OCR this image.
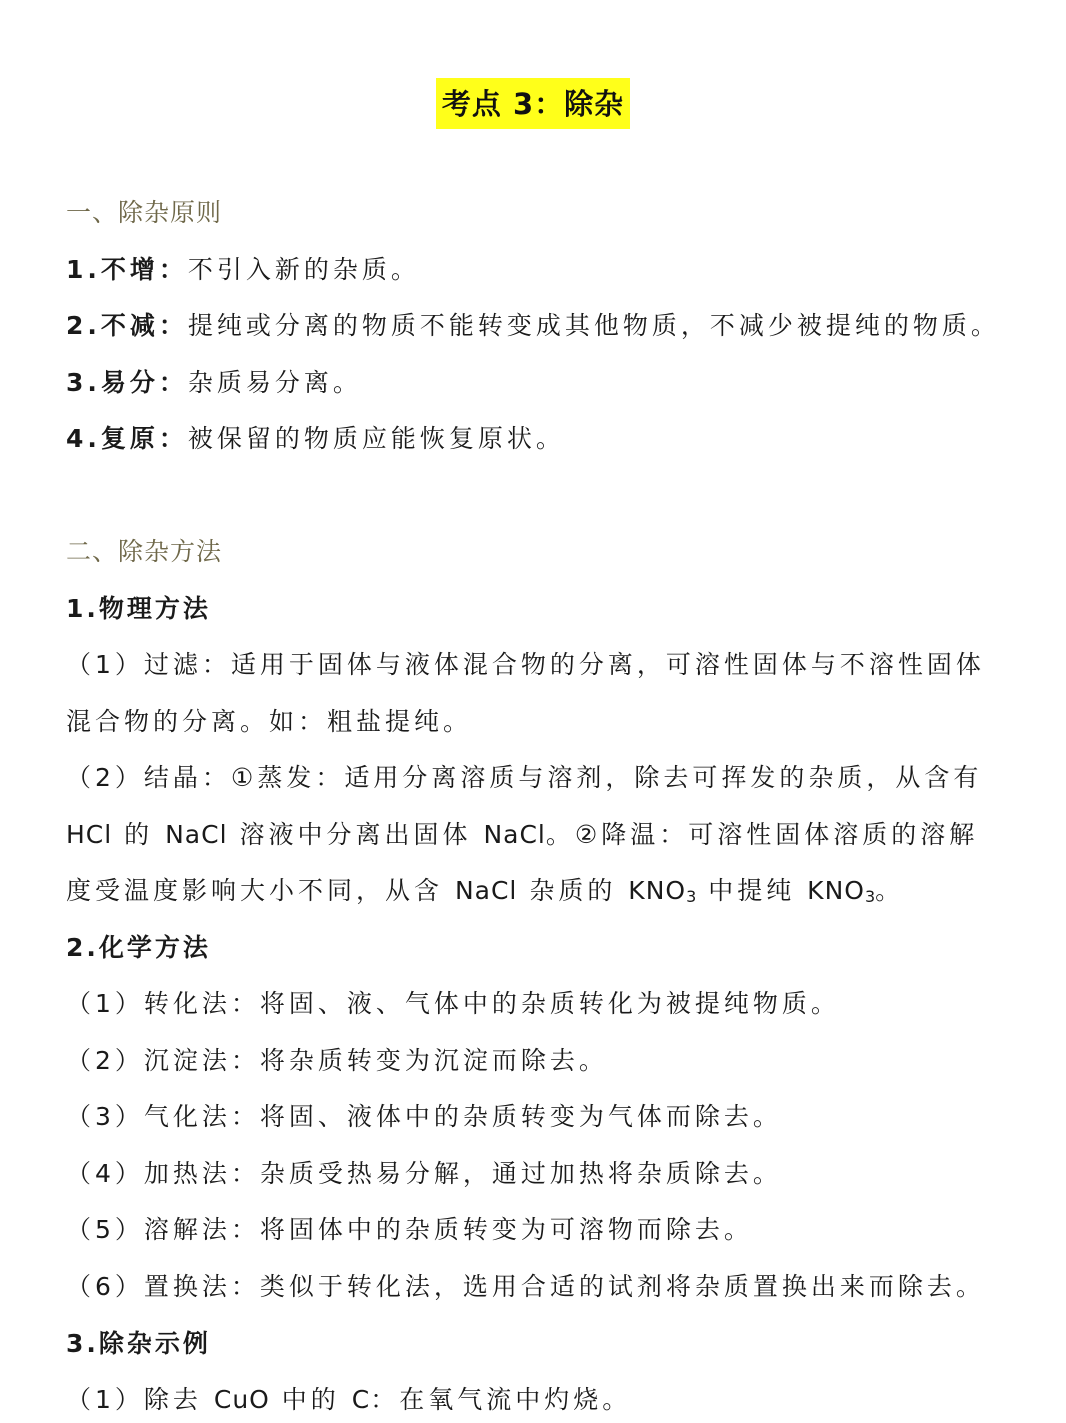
考点 3：除杂
一、除杂原则
1.不增：不引入新的杂质。
2.不减：提纯或分离的物质不能转变成其他物质，不减少被提纯的物质。
3.易分：杂质易分离。
4.复原：被保留的物质应能恢复原状。
二、除杂方法
1.物理方法
（1）过滤：适用于固体与液体混合物的分离，可溶性固体与不溶性固体
混合物的分离。如：粗盐提纯。
（2）结晶：①蒸发：适用分离溶质与溶剂，除去可挥发的杂质，从含有
HCl 的 NaCl 溶液中分离出固体 NaCl。②降温：可溶性固体溶质的溶解
度受温度影响大小不同，从含 NaCl 杂质的 $KNO_3$ 中提纯 $KNO_3$。
2.化学方法
（1）转化法：将固、液、气体中的杂质转化为被提纯物质。
（2）沉淀法：将杂质转变为沉淀而除去。
（3）气化法：将固、液体中的杂质转变为气体而除去。
（4）加热法：杂质受热易分解，通过加热将杂质除去。
（5）溶解法：将固体中的杂质转变为可溶物而除去。
（6）置换法：类似于转化法，选用合适的试剂将杂质置换出来而除去。
3.除杂示例
（1）除去 CuO 中的 C：在氧气流中灼烧。
